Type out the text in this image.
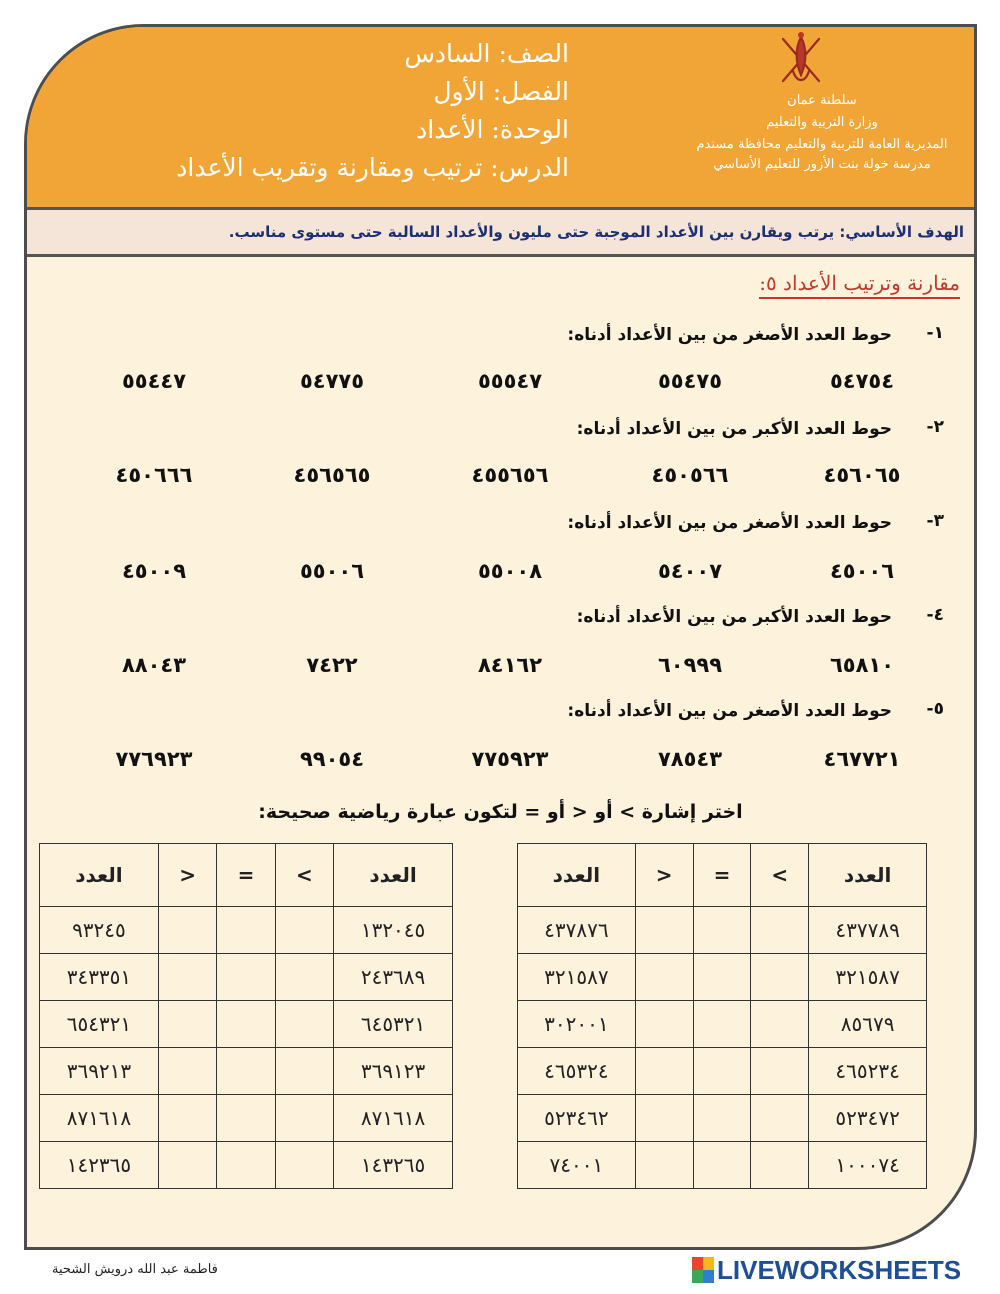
الصف: السادس
الفصل: الأول
الوحدة: الأعداد
الدرس: ترتيب ومقارنة وتقريب الأعداد
سلطنة عمان
وزارة التربية والتعليم
المديرية العامة للتربية والتعليم محافظة مسندم
مدرسة خولة بنت الأزور للتعليم الأساسي
الهدف الأساسي: يرتب ويقارن بين الأعداد الموجبة حتى مليون والأعداد السالبة حتى مستوى مناسب.
مقارنة وترتيب الأعداد ٥:
١-
حوط العدد الأصغر من بين الأعداد أدناه:
٥٤٧٥٤
٥٥٤٧٥
٥٥٥٤٧
٥٤٧٧٥
٥٥٤٤٧
٢-
حوط العدد الأكبر من بين الأعداد أدناه:
٤٥٦٠٦٥
٤٥٠٥٦٦
٤٥٥٦٥٦
٤٥٦٥٦٥
٤٥٠٦٦٦
٣-
حوط العدد الأصغر من بين الأعداد أدناه:
٤٥٠٠٦
٥٤٠٠٧
٥٥٠٠٨
٥٥٠٠٦
٤٥٠٠٩
٤-
حوط العدد الأكبر من بين الأعداد أدناه:
٦٥٨١٠
٦٠٩٩٩
٨٤١٦٢
٧٤٢٢
٨٨٠٤٣
٥-
حوط العدد الأصغر من بين الأعداد أدناه:
٤٦٧٧٢١
٧٨٥٤٣
٧٧٥٩٢٣
٩٩٠٥٤
٧٧٦٩٢٣
اختر إشارة > أو < أو = لتكون عبارة رياضية صحيحة:
العدد	>	=	<	العدد
٤٣٧٨٧٦				٤٣٧٧٨٩
٣٢١٥٨٧				٣٢١٥٨٧
٣٠٢٠٠١				٨٥٦٧٩
٤٦٥٣٢٤				٤٦٥٢٣٤
٥٢٣٤٦٢				٥٢٣٤٧٢
٧٤٠٠١				١٠٠٠٧٤
العدد	>	=	<	العدد
٩٣٢٤٥				١٣٢٠٤٥
٣٤٣٣٥١				٢٤٣٦٨٩
٦٥٤٣٢١				٦٤٥٣٢١
٣٦٩٢١٣				٣٦٩١٢٣
٨٧١٦١٨				٨٧١٦١٨
١٤٢٣٦٥				١٤٣٢٦٥
فاطمة عبد الله درويش الشحية	LIVEWORKSHEETS
